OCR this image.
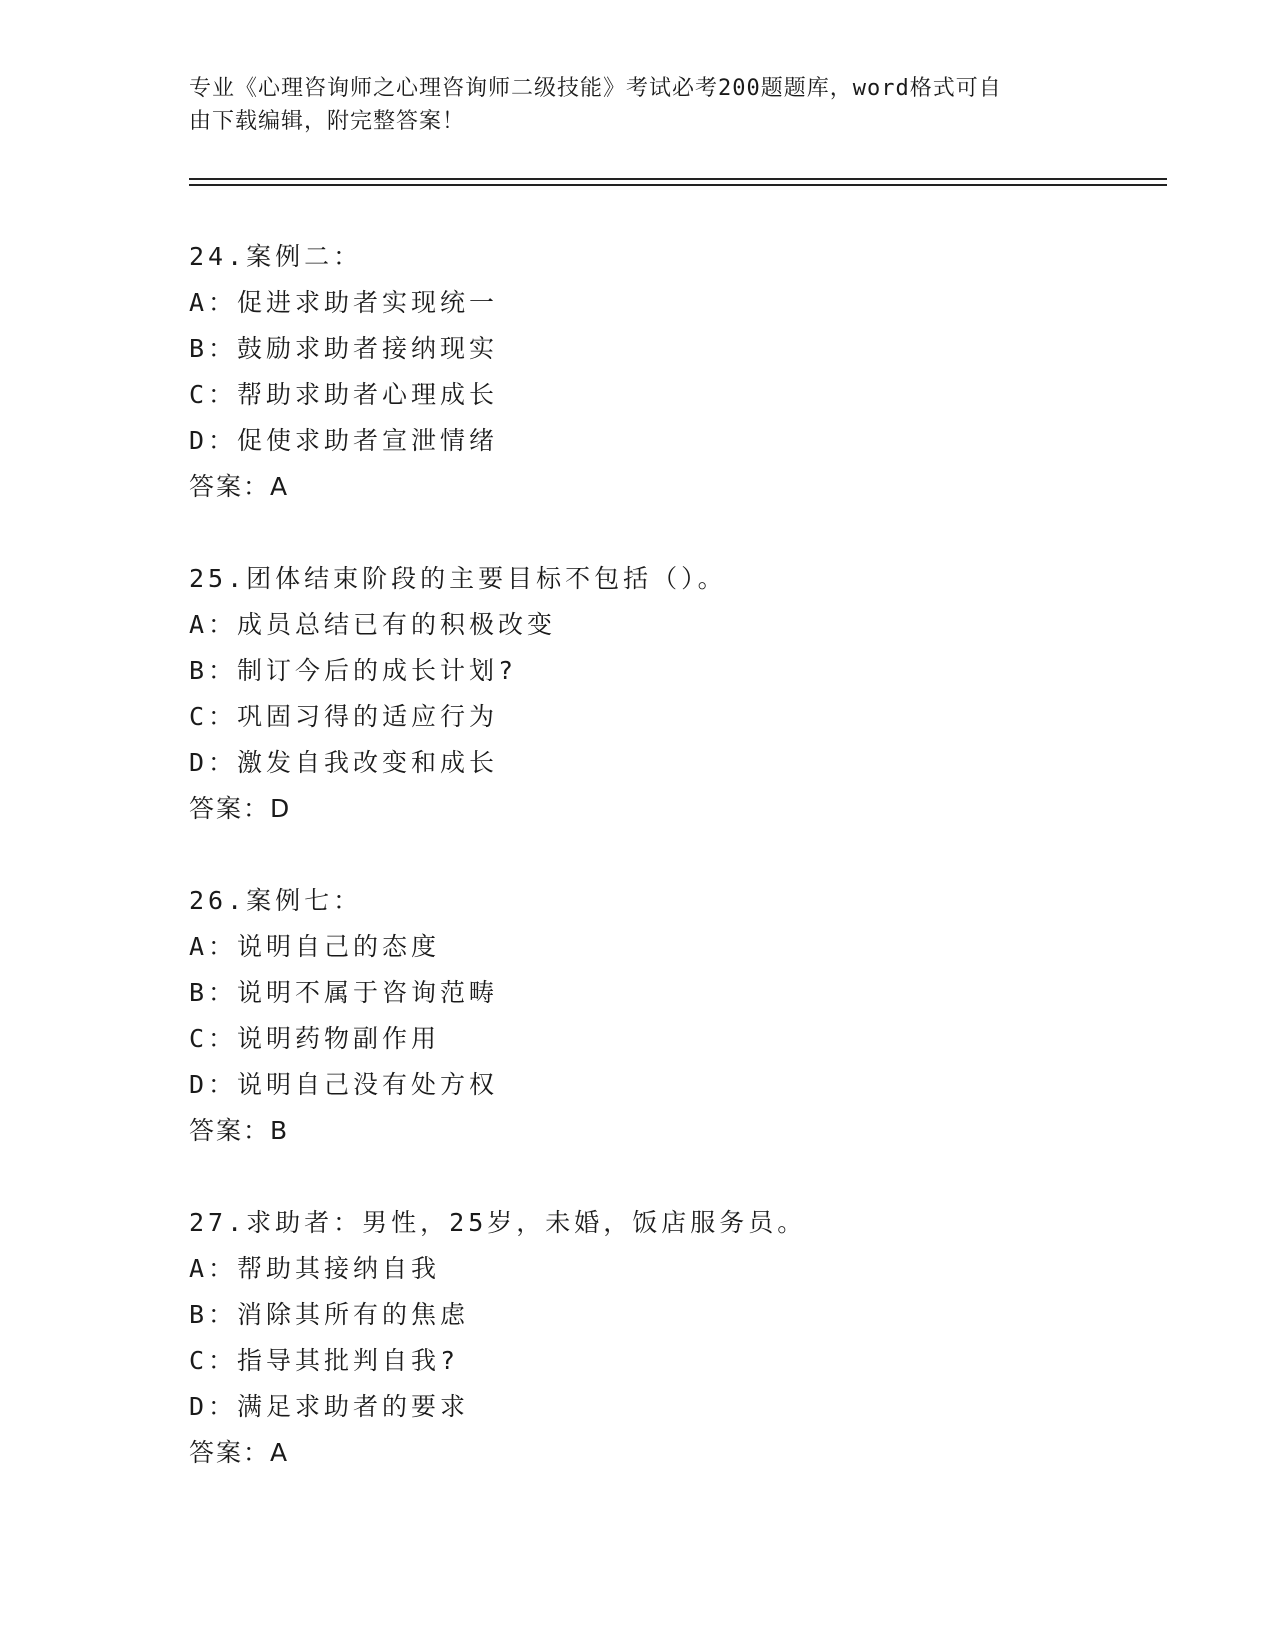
专业《心理咨询师之心理咨询师二级技能》考试必考200题题库，word格式可自
由下载编辑，附完整答案！
24.案例二：
A：促进求助者实现统一
B：鼓励求助者接纳现实
C：帮助求助者心理成长
D：促使求助者宣泄情绪
答案：A
25.团体结束阶段的主要目标不包括（）。
A：成员总结已有的积极改变
B：制订今后的成长计划?
C：巩固习得的适应行为
D：激发自我改变和成长
答案：D
26.案例七：
A：说明自己的态度
B：说明不属于咨询范畴
C：说明药物副作用
D：说明自己没有处方权
答案：B
27.求助者：男性，25岁，未婚，饭店服务员。
A：帮助其接纳自我
B：消除其所有的焦虑
C：指导其批判自我?
D：满足求助者的要求
答案：A
